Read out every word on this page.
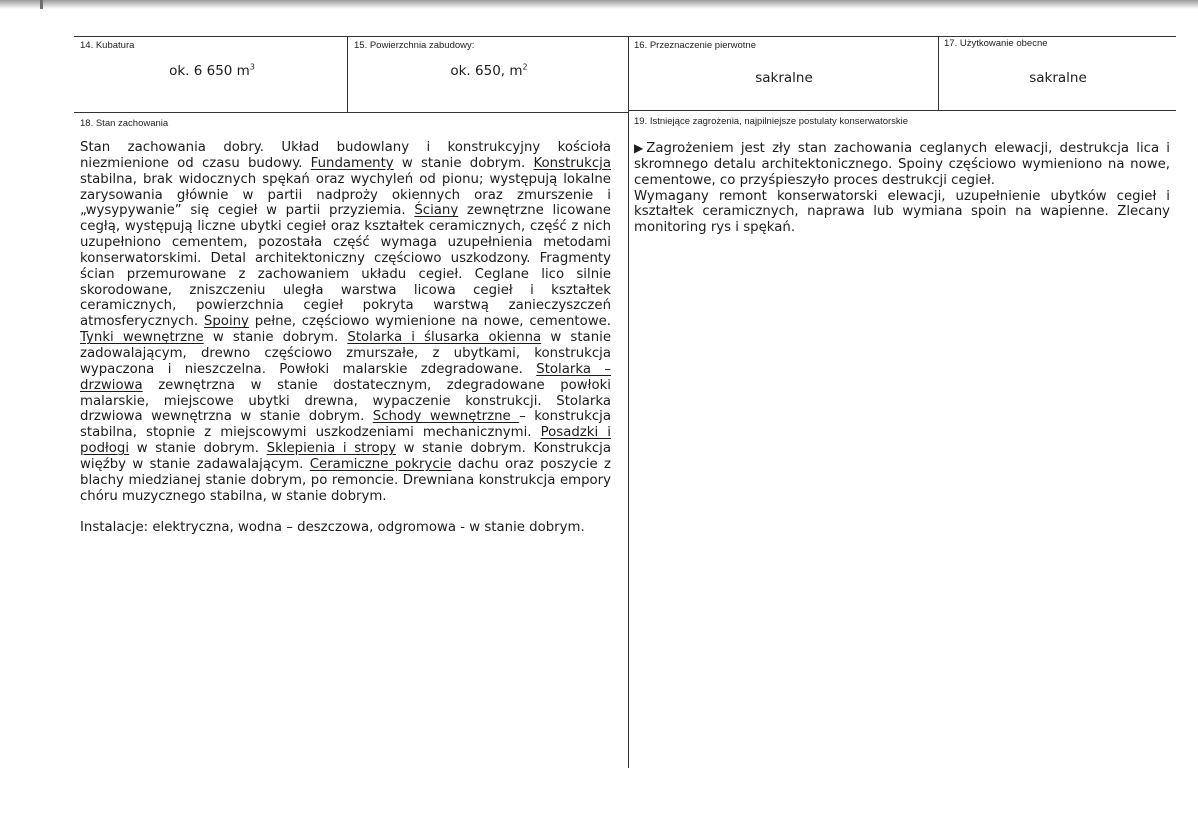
14. Kubatura
ok. 6 650 $m^3$
15. Powierzchnia zabudowy:
ok. 650, $m^2$
16. Przeznaczenie pierwotne
sakralne
17. Użytkowanie obecne
sakralne
18. Stan zachowania

Stan zachowania dobry. Układ budowlany i konstrukcyjny kościoła niezmienione od czasu budowy. Fundamenty w stanie dobrym. Konstrukcja stabilna, brak widocznych spękań oraz wychyleń od pionu; występują lokalne zarysowania głównie w partii nadproży okiennych oraz zmurszenie i „wysypywanie” się cegieł w partii przyziemia. Ściany zewnętrzne licowane cegłą, występują liczne ubytki cegieł oraz kształtek ceramicznych, część z nich uzupełniono cementem, pozostała część wymaga uzupełnienia metodami konserwatorskimi. Detal architektoniczny częściowo uszkodzony. Fragmenty ścian przemurowane z zachowaniem układu cegieł. Ceglane lico silnie skorodowane, zniszczeniu uległa warstwa licowa cegieł i kształtek ceramicznych, powierzchnia cegieł pokryta warstwą zanieczyszczeń atmosferycznych. Spoiny pełne, częściowo wymienione na nowe, cementowe. Tynki wewnętrzne w stanie dobrym. Stolarka i ślusarka okienna w stanie zadowalającym, drewno częściowo zmurszałe, z ubytkami, konstrukcja wypaczona i nieszczelna. Powłoki malarskie zdegradowane. Stolarka – drzwiowa zewnętrzna w stanie dostatecznym, zdegradowane powłoki malarskie, miejscowe ubytki drewna, wypaczenie konstrukcji. Stolarka drzwiowa wewnętrzna w stanie dobrym. Schody wewnętrzne – konstrukcja stabilna, stopnie z miejscowymi uszkodzeniami mechanicznymi. Posadzki i podłogi w stanie dobrym. Sklepienia i stropy w stanie dobrym. Konstrukcja więźby w stanie zadawalającym. Ceramiczne pokrycie dachu oraz poszycie z blachy miedzianej stanie dobrym, po remoncie. Drewniana konstrukcja empory chóru muzycznego stabilna, w stanie dobrym.

Instalacje: elektryczna, wodna – deszczowa, odgromowa - w stanie dobrym.

19. Istniejące zagrożenia, najpilniejsze postulaty konserwatorskie

▶Zagrożeniem jest zły stan zachowania ceglanych elewacji, destrukcja lica i skromnego detalu architektonicznego. Spoiny częściowo wymieniono na nowe, cementowe, co przyśpieszyło proces destrukcji cegieł.

Wymagany remont konserwatorski elewacji, uzupełnienie ubytków cegieł i kształtek ceramicznych, naprawa lub wymiana spoin na wapienne. Zlecany monitoring rys i spękań.
